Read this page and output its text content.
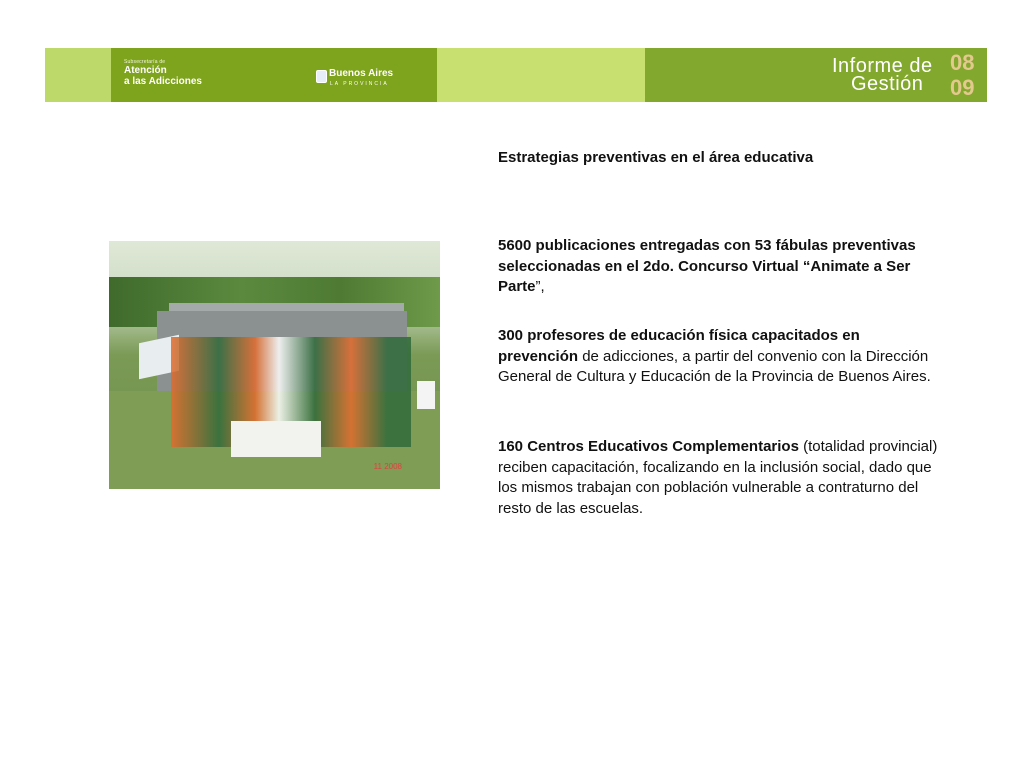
Subsecretaría de
Atención
a las Adicciones
Buenos Aires
LA PROVINCIA
Informe de
Gestión
08
09
11 2008
Estrategias preventivas en el área educativa

5600 publicaciones entregadas con 53 fábulas preventivas seleccionadas en el 2do. Concurso Virtual “Animate a Ser Parte”,

300 profesores de educación física capacitados en prevención de adicciones, a partir del convenio con la Dirección General de Cultura y Educación de la Provincia de Buenos Aires.

160 Centros Educativos Complementarios (totalidad provincial) reciben capacitación, focalizando en la inclusión social, dado que los mismos trabajan con población vulnerable a contraturno del resto de las escuelas.
